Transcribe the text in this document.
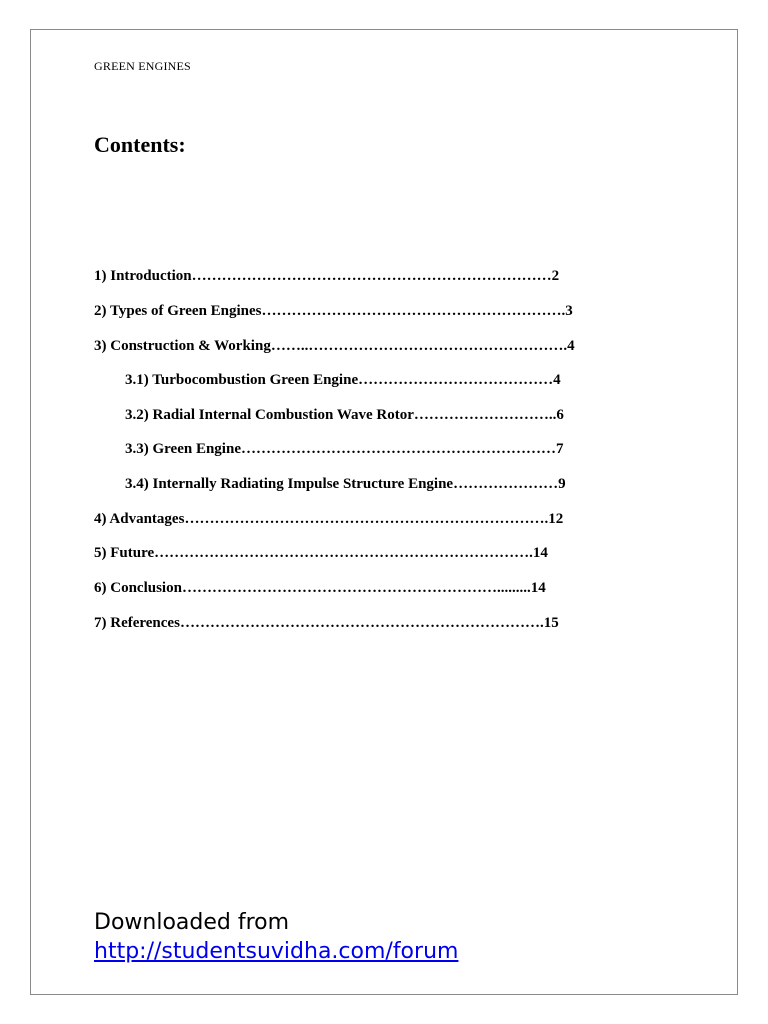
GREEN ENGINES
Contents:
1) Introduction………………………………………………………………2
2) Types of Green Engines…………………………………………………….3
3) Construction & Working……..…………………………………………….4
3.1) Turbocombustion Green Engine…………………………………4
3.2) Radial Internal Combustion Wave Rotor………………………..6
3.3) Green Engine………………………………………………………7
3.4) Internally Radiating Impulse Structure Engine…………………9
4) Advantages……………………………………………………………….12
5) Future………………………………………………………………….14
6) Conclusion……………………………………………………….........14
7) References……………………………………………………………….15
Downloaded from
http://studentsuvidha.com/forum
